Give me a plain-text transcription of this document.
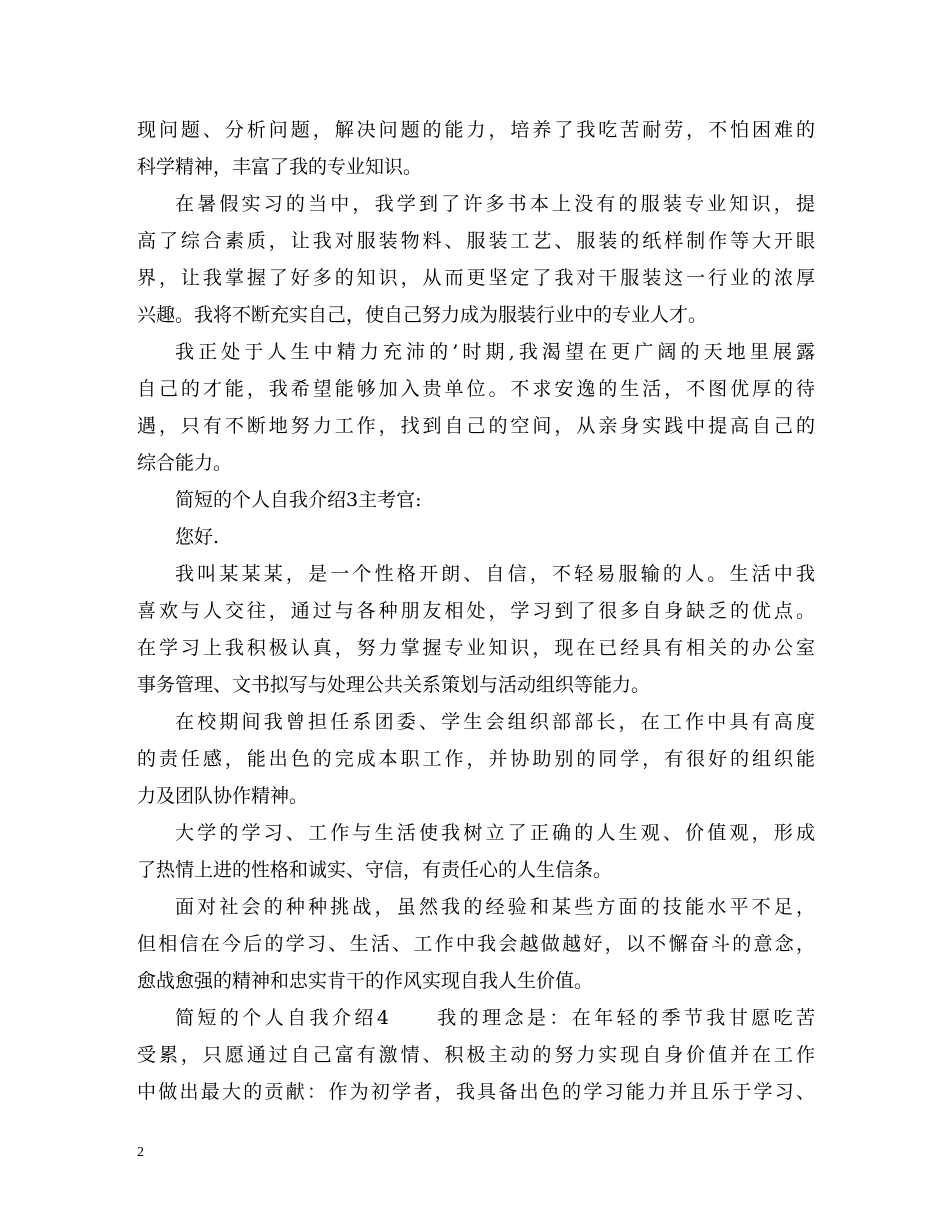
现问题、分析问题，解决问题的能力，培养了我吃苦耐劳，不怕困难的
科学精神，丰富了我的专业知识。
在暑假实习的当中，我学到了许多书本上没有的服装专业知识，提
高了综合素质，让我对服装物料、服装工艺、服装的纸样制作等大开眼
界，让我掌握了好多的知识，从而更坚定了我对干服装这一行业的浓厚
兴趣。我将不断充实自己，使自己努力成为服装行业中的专业人才。
我正处于人生中精力充沛的’时期,我渴望在更广阔的天地里展露
自己的才能，我希望能够加入贵单位。不求安逸的生活，不图优厚的待
遇，只有不断地努力工作，找到自己的空间，从亲身实践中提高自己的
综合能力。
简短的个人自我介绍3主考官:
您好.
我叫某某某，是一个性格开朗、自信，不轻易服输的人。生活中我
喜欢与人交往，通过与各种朋友相处，学习到了很多自身缺乏的优点。
在学习上我积极认真，努力掌握专业知识，现在已经具有相关的办公室
事务管理、文书拟写与处理公共关系策划与活动组织等能力。
在校期间我曾担任系团委、学生会组织部部长，在工作中具有高度
的责任感，能出色的完成本职工作，并协助别的同学，有很好的组织能
力及团队协作精神。
大学的学习、工作与生活使我树立了正确的人生观、价值观，形成
了热情上进的性格和诚实、守信，有责任心的人生信条。
面对社会的种种挑战，虽然我的经验和某些方面的技能水平不足，
但相信在今后的学习、生活、工作中我会越做越好，以不懈奋斗的意念，
愈战愈强的精神和忠实肯干的作风实现自我人生价值。
简短的个人自我介绍4　　我的理念是：在年轻的季节我甘愿吃苦
受累，只愿通过自己富有激情、积极主动的努力实现自身价值并在工作
中做出最大的贡献：作为初学者，我具备出色的学习能力并且乐于学习、
2
